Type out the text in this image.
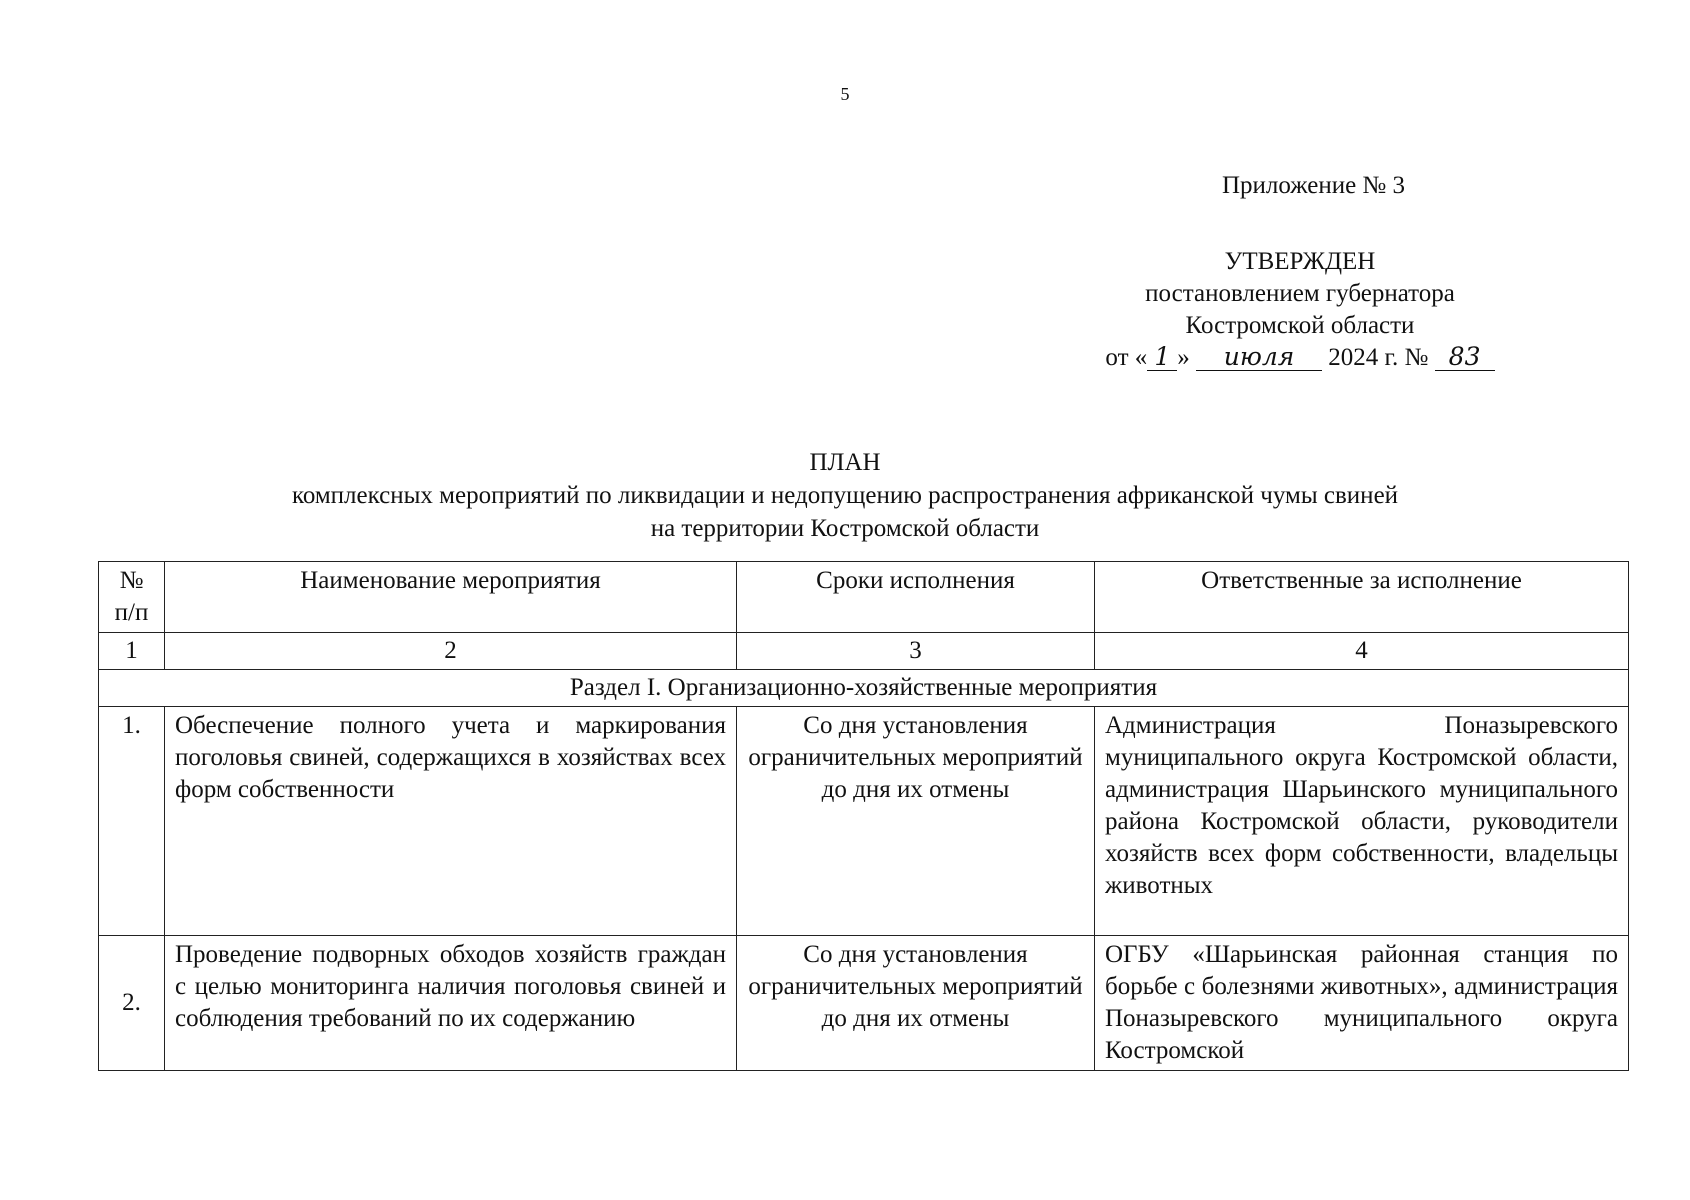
5
Приложение № 3
УТВЕРЖДЕН
постановлением губернатора
Костромской области
от « 1 » июля 2024 г. № 83
ПЛАН
комплексных мероприятий по ликвидации и недопущению распространения африканской чумы свиней
на территории Костромской области
№ п/п	Наименование мероприятия	Сроки исполнения	Ответственные за исполнение
1	2	3	4
Раздел I. Организационно-хозяйственные мероприятия			
1.	Обеспечение полного учета и маркирования поголовья свиней, содержащихся в хозяйствах всех форм собственности	Со дня установления ограничительных мероприятий до дня их отмены	Администрация Поназыревского муниципального округа Костромской области, администрация Шарьинского муниципального района Костромской области, руководители хозяйств всех форм собственности, владельцы животных
2.	Проведение подворных обходов хозяйств граждан с целью мониторинга наличия поголовья свиней и соблюдения требований по их содержанию	Со дня установления ограничительных мероприятий до дня их отмены	ОГБУ «Шарьинская районная станция по борьбе с болезнями животных», администрация Поназыревского муниципального округа Костромской
